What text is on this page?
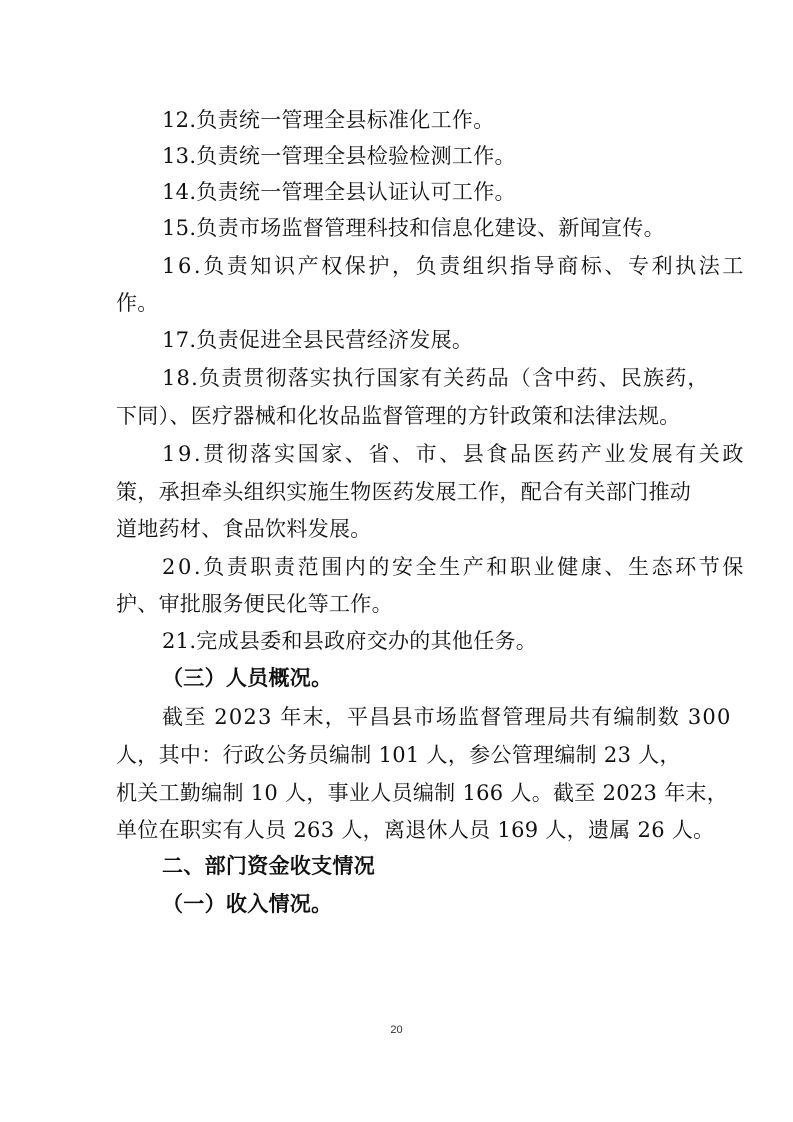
12.负责统一管理全县标准化工作。
13.负责统一管理全县检验检测工作。
14.负责统一管理全县认证认可工作。
15.负责市场监督管理科技和信息化建设、新闻宣传。
16.负责知识产权保护，负责组织指导商标、专利执法工
作。
17.负责促进全县民营经济发展。
18.负责贯彻落实执行国家有关药品（含中药、民族药，
下同）、医疗器械和化妆品监督管理的方针政策和法律法规。
19.贯彻落实国家、省、市、县食品医药产业发展有关政
策，承担牵头组织实施生物医药发展工作，配合有关部门推动
道地药材、食品饮料发展。
20.负责职责范围内的安全生产和职业健康、生态环节保
护、审批服务便民化等工作。
21.完成县委和县政府交办的其他任务。
（三）人员概况。
截至 2023 年末，平昌县市场监督管理局共有编制数 300
人，其中：行政公务员编制 101 人，参公管理编制 23 人，
机关工勤编制 10 人，事业人员编制 166 人。截至 2023 年末，
单位在职实有人员 263 人，离退休人员 169 人，遗属 26 人。
二、部门资金收支情况
（一）收入情况。
20
